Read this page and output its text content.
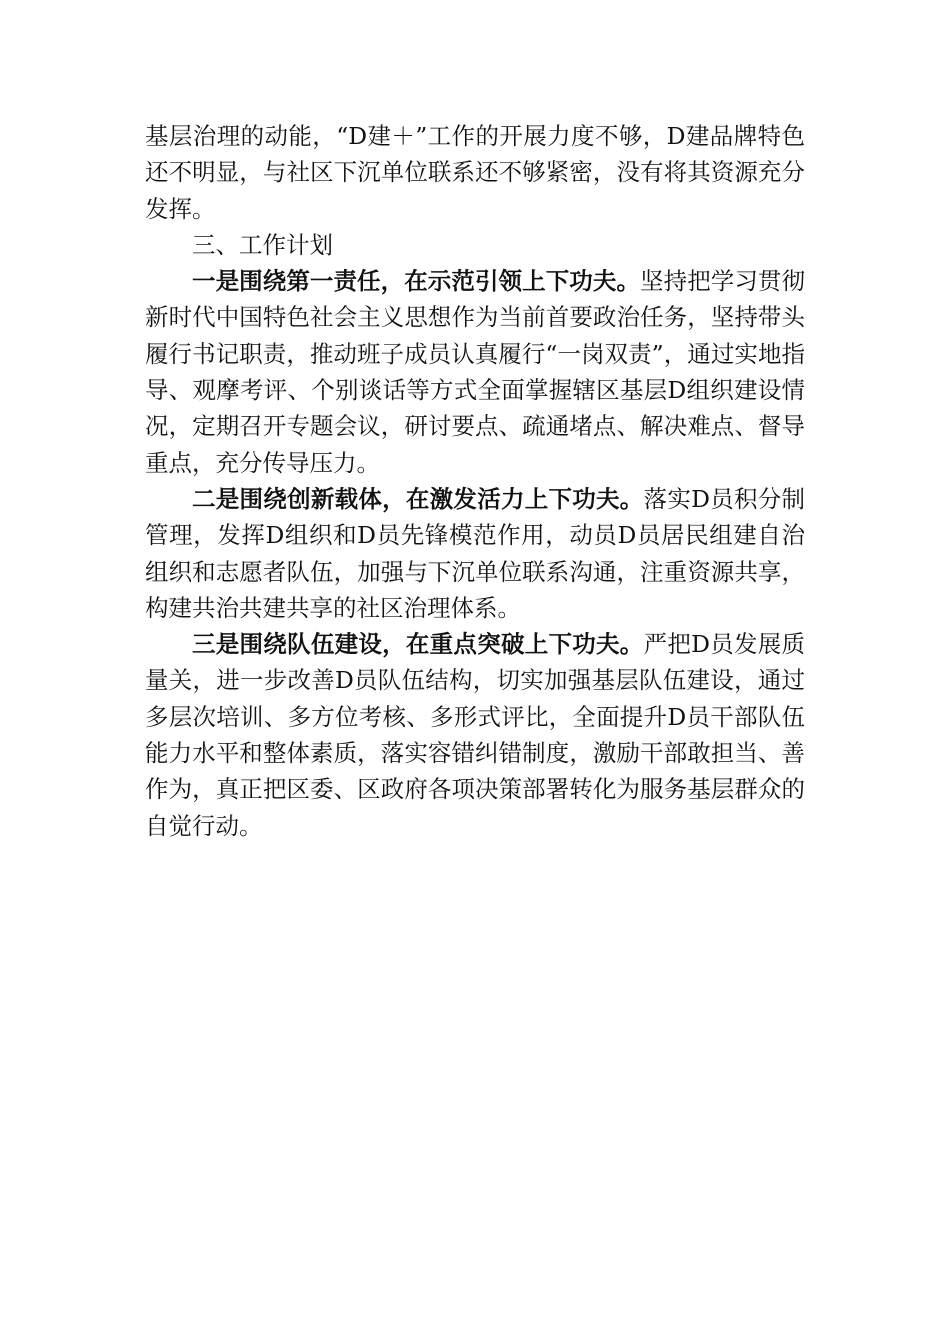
基层治理的动能，“D建＋”工作的开展力度不够，D建品牌特色还不明显，与社区下沉单位联系还不够紧密，没有将其资源充分发挥。

三、工作计划

一是围绕第一责任，在示范引领上下功夫。坚持把学习贯彻新时代中国特色社会主义思想作为当前首要政治任务，坚持带头履行书记职责，推动班子成员认真履行“一岗双责”，通过实地指导、观摩考评、个别谈话等方式全面掌握辖区基层D组织建设情况，定期召开专题会议，研讨要点、疏通堵点、解决难点、督导重点，充分传导压力。

二是围绕创新载体，在激发活力上下功夫。落实D员积分制管理，发挥D组织和D员先锋模范作用，动员D员居民组建自治组织和志愿者队伍，加强与下沉单位联系沟通，注重资源共享，构建共治共建共享的社区治理体系。

三是围绕队伍建设，在重点突破上下功夫。严把D员发展质量关，进一步改善D员队伍结构，切实加强基层队伍建设，通过多层次培训、多方位考核、多形式评比，全面提升D员干部队伍能力水平和整体素质，落实容错纠错制度，激励干部敢担当、善作为，真正把区委、区政府各项决策部署转化为服务基层群众的自觉行动。
